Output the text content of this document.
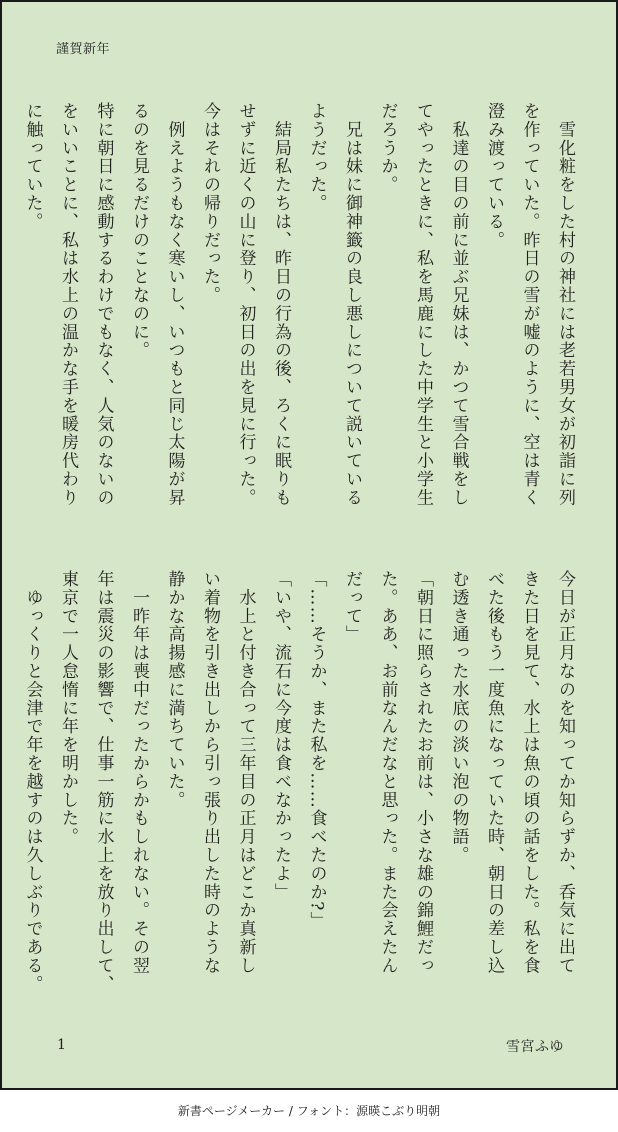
謹賀新年

　雪化粧をした村の神社には老若男女が初詣に列

を作っていた。昨日の雪が嘘のように、空は青く

澄み渡っている。

　私達の目の前に並ぶ兄妹は、かつて雪合戦をし

てやったときに、私を馬鹿にした中学生と小学生

だろうか。

　兄は妹に御神籤の良し悪しについて説いている

ようだった。

　結局私たちは、昨日の行為の後、ろくに眠りも

せずに近くの山に登り、初日の出を見に行った。

今はそれの帰りだった。

　例えようもなく寒いし、いつもと同じ太陽が昇

るのを見るだけのことなのに。

特に朝日に感動するわけでもなく、人気のないの

をいいことに、私は水上の温かな手を暖房代わり

に触っていた。

今日が正月なのを知ってか知らずか、呑気に出て

きた日を見て、水上は魚の頃の話をした。私を食

べた後もう一度魚になっていた時、朝日の差し込

む透き通った水底の淡い泡の物語。

「朝日に照らされたお前は、小さな雄の錦鯉だっ

た。ああ、お前なんだなと思った。また会えたん

だって」

「……そうか、また私を……食べたのか?」

「いや、流石に今度は食べなかったよ」

　水上と付き合って三年目の正月はどこか真新し

い着物を引き出しから引っ張り出した時のような

静かな高揚感に満ちていた。

　一昨年は喪中だったからかもしれない。その翌

年は震災の影響で、仕事一筋に水上を放り出して、

東京で一人怠惰に年を明かした。

　ゆっくりと会津で年を越すのは久しぶりである。

1	雪宮ふゆ
新書ページメーカー / フォント：源暎こぶり明朝
